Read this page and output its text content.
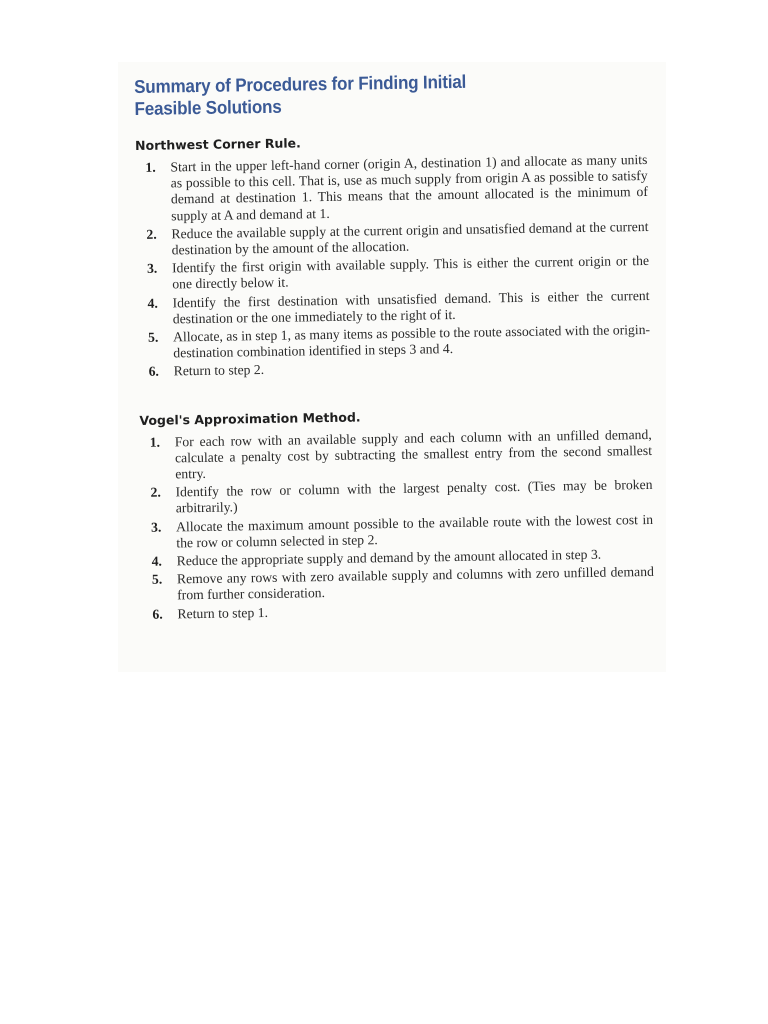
Summary of Procedures for Finding Initial
Feasible Solutions
Northwest Corner Rule.
1. Start in the upper left-hand corner (origin A, destination 1) and allocate as many units as possible to this cell. That is, use as much supply from origin A as possible to satisfy demand at destination 1. This means that the amount allocated is the minimum of supply at A and demand at 1.
2. Reduce the available supply at the current origin and unsatisfied demand at the current destination by the amount of the allocation.
3. Identify the first origin with available supply. This is either the current origin or the one directly below it.
4. Identify the first destination with unsatisfied demand. This is either the current destination or the one immediately to the right of it.
5. Allocate, as in step 1, as many items as possible to the route associated with the origin-destination combination identified in steps 3 and 4.
6. Return to step 2.
Vogel's Approximation Method.
1. For each row with an available supply and each column with an unfilled demand, calculate a penalty cost by subtracting the smallest entry from the second smallest entry.
2. Identify the row or column with the largest penalty cost. (Ties may be broken arbitrarily.)
3. Allocate the maximum amount possible to the available route with the lowest cost in the row or column selected in step 2.
4. Reduce the appropriate supply and demand by the amount allocated in step 3.
5. Remove any rows with zero available supply and columns with zero unfilled demand from further consideration.
6. Return to step 1.
